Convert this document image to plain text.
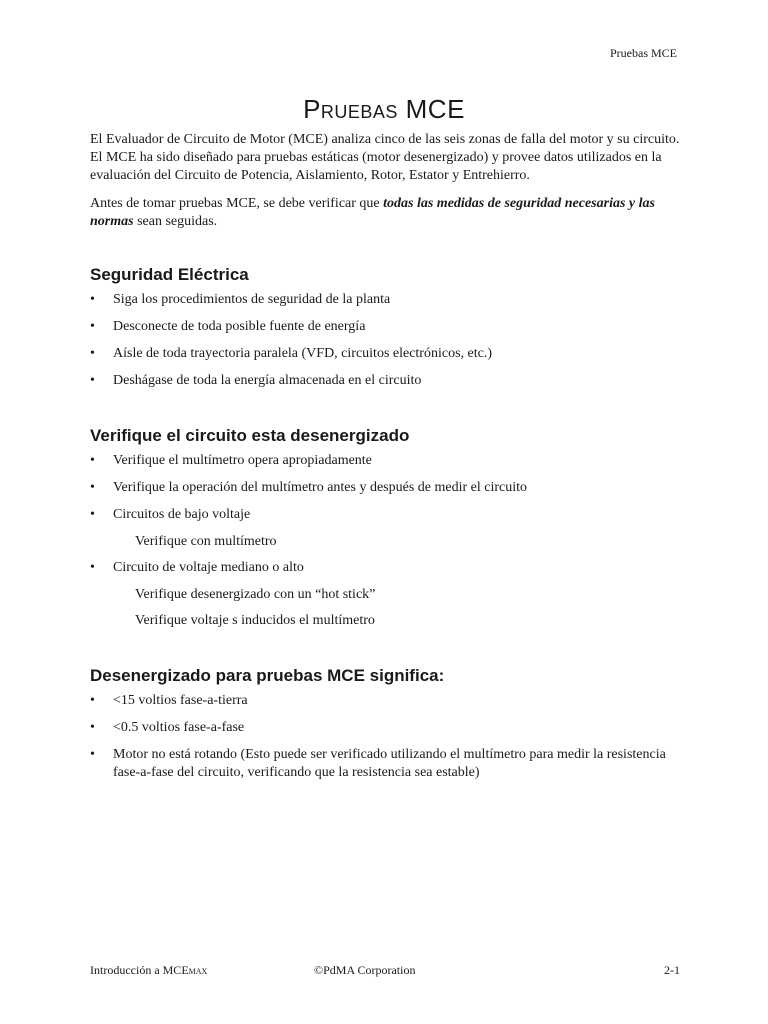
Pruebas MCE
Pruebas MCE

El Evaluador de Circuito de Motor (MCE) analiza cinco de las seis zonas de falla del motor y su circuito. El MCE ha sido diseñado para pruebas estáticas (motor desenergizado) y provee datos utilizados en la evaluación del Circuito de Potencia, Aislamiento, Rotor, Estator y Entrehierro.

Antes de tomar pruebas MCE, se debe verificar que todas las medidas de seguridad necesarias y las normas sean seguidas.

Seguridad Eléctrica
• Siga los procedimientos de seguridad de la planta
• Desconecte de toda posible fuente de energía
• Aísle de toda trayectoria paralela (VFD, circuitos electrónicos, etc.)
• Deshágase de toda la energía almacenada en el circuito
Verifique el circuito esta desenergizado
• Verifique el multímetro opera apropiadamente
• Verifique la operación del multímetro antes y después de medir el circuito
• Circuitos de bajo voltaje
Verifique con multímetro
• Circuito de voltaje mediano o alto
Verifique desenergizado con un “hot stick”
Verifique voltaje s inducidos el multímetro
Desenergizado para pruebas MCE significa:
• <15 voltios fase-a-tierra
• <0.5 voltios fase-a-fase
• Motor no está rotando (Esto puede ser verificado utilizando el multímetro para medir la resistencia fase-a-fase del circuito, verificando que la resistencia sea estable)
Introducción a MCEmax	©PdMA Corporation	2-1
